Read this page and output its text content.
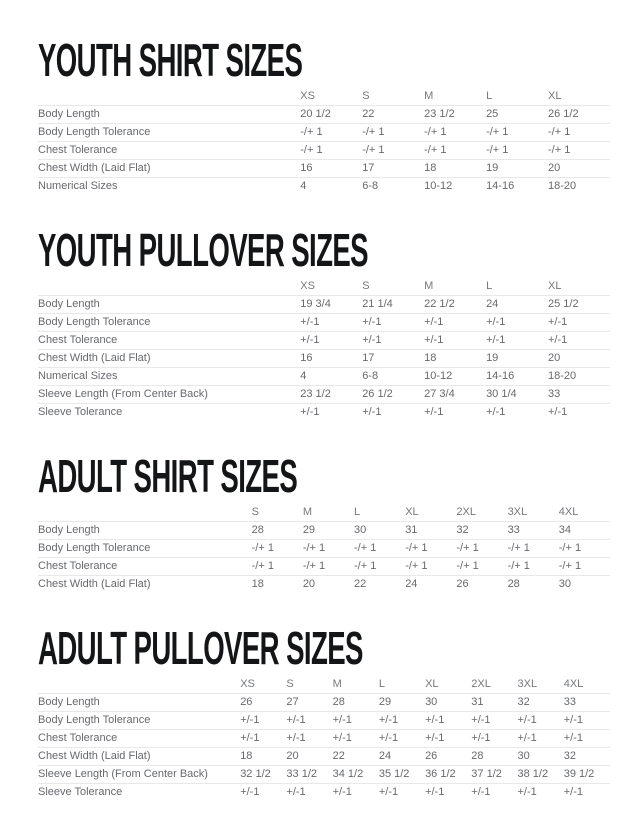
YOUTH SHIRT SIZES
	XS	S	M	L	XL
Body Length	20 1/2	22	23 1/2	25	26 1/2
Body Length Tolerance	-/+ 1	-/+ 1	-/+ 1	-/+ 1	-/+ 1
Chest Tolerance	-/+ 1	-/+ 1	-/+ 1	-/+ 1	-/+ 1
Chest Width (Laid Flat)	16	17	18	19	20
Numerical Sizes	4	6-8	10-12	14-16	18-20
YOUTH PULLOVER SIZES
	XS	S	M	L	XL
Body Length	19 3/4	21 1/4	22 1/2	24	25 1/2
Body Length Tolerance	+/-1	+/-1	+/-1	+/-1	+/-1
Chest Tolerance	+/-1	+/-1	+/-1	+/-1	+/-1
Chest Width (Laid Flat)	16	17	18	19	20
Numerical Sizes	4	6-8	10-12	14-16	18-20
Sleeve Length (From Center Back)	23 1/2	26 1/2	27 3/4	30 1/4	33
Sleeve Tolerance	+/-1	+/-1	+/-1	+/-1	+/-1
ADULT SHIRT SIZES
	S	M	L	XL	2XL	3XL	4XL
Body Length	28	29	30	31	32	33	34
Body Length Tolerance	-/+ 1	-/+ 1	-/+ 1	-/+ 1	-/+ 1	-/+ 1	-/+ 1
Chest Tolerance	-/+ 1	-/+ 1	-/+ 1	-/+ 1	-/+ 1	-/+ 1	-/+ 1
Chest Width (Laid Flat)	18	20	22	24	26	28	30
ADULT PULLOVER SIZES
	XS	S	M	L	XL	2XL	3XL	4XL
Body Length	26	27	28	29	30	31	32	33
Body Length Tolerance	+/-1	+/-1	+/-1	+/-1	+/-1	+/-1	+/-1	+/-1
Chest Tolerance	+/-1	+/-1	+/-1	+/-1	+/-1	+/-1	+/-1	+/-1
Chest Width (Laid Flat)	18	20	22	24	26	28	30	32
Sleeve Length (From Center Back)	32 1/2	33 1/2	34 1/2	35 1/2	36 1/2	37 1/2	38 1/2	39 1/2
Sleeve Tolerance	+/-1	+/-1	+/-1	+/-1	+/-1	+/-1	+/-1	+/-1
